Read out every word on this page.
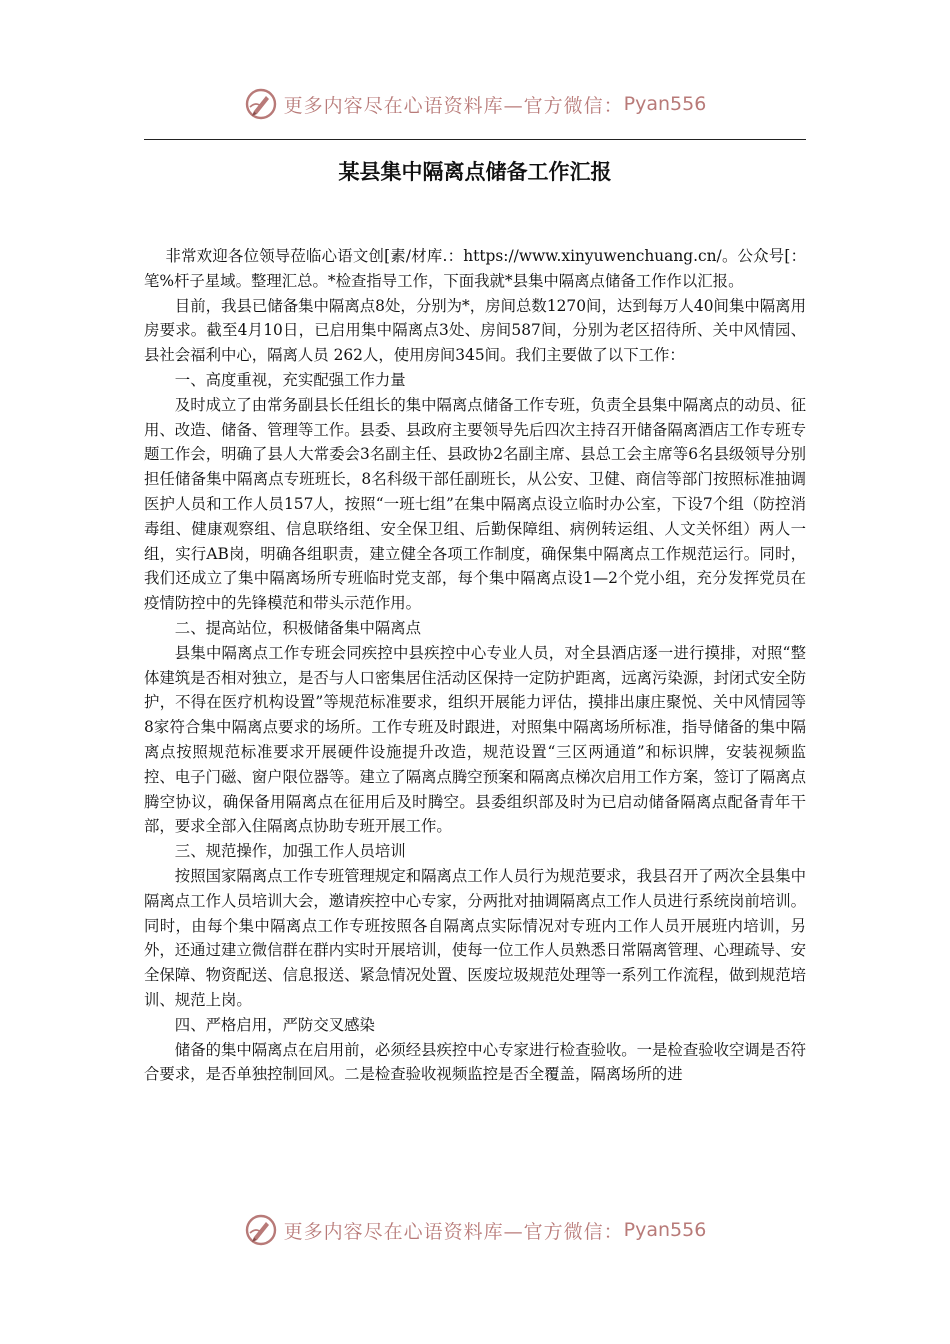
更多内容尽在心语资料库—官方微信： Pyan556
某县集中隔离点储备工作汇报

非常欢迎各位领导莅临心语文创[素/材库.：https://www.xinyuwenchuang.cn/。公众号[：笔%杆子星域。整理汇总。*检查指导工作，下面我就*县集中隔离点储备工作作以汇报。

目前，我县已储备集中隔离点8处，分别为*，房间总数1270间，达到每万人40间集中隔离用房要求。截至4月10日，已启用集中隔离点3处、房间587间，分别为老区招待所、关中风情园、县社会福利中心，隔离人员 262人，使用房间345间。我们主要做了以下工作：

一、高度重视，充实配强工作力量

及时成立了由常务副县长任组长的集中隔离点储备工作专班，负责全县集中隔离点的动员、征用、改造、储备、管理等工作。县委、县政府主要领导先后四次主持召开储备隔离酒店工作专班专题工作会，明确了县人大常委会3名副主任、县政协2名副主席、县总工会主席等6名县级领导分别担任储备集中隔离点专班班长，8名科级干部任副班长，从公安、卫健、商信等部门按照标准抽调医护人员和工作人员157人，按照“一班七组”在集中隔离点设立临时办公室，下设7个组（防控消毒组、健康观察组、信息联络组、安全保卫组、后勤保障组、病例转运组、人文关怀组）两人一组，实行AB岗，明确各组职责，建立健全各项工作制度，确保集中隔离点工作规范运行。同时，我们还成立了集中隔离场所专班临时党支部，每个集中隔离点设1—2个党小组，充分发挥党员在疫情防控中的先锋模范和带头示范作用。

二、提高站位，积极储备集中隔离点

县集中隔离点工作专班会同疾控中县疾控中心专业人员，对全县酒店逐一进行摸排，对照“整体建筑是否相对独立，是否与人口密集居住活动区保持一定防护距离，远离污染源，封闭式安全防护，不得在医疗机构设置”等规范标准要求，组织开展能力评估，摸排出康庄聚悦、关中风情园等8家符合集中隔离点要求的场所。工作专班及时跟进，对照集中隔离场所标准，指导储备的集中隔离点按照规范标准要求开展硬件设施提升改造，规范设置“三区两通道”和标识牌，安装视频监控、电子门磁、窗户限位器等。建立了隔离点腾空预案和隔离点梯次启用工作方案，签订了隔离点腾空协议，确保备用隔离点在征用后及时腾空。县委组织部及时为已启动储备隔离点配备青年干部，要求全部入住隔离点协助专班开展工作。

三、规范操作，加强工作人员培训

按照国家隔离点工作专班管理规定和隔离点工作人员行为规范要求，我县召开了两次全县集中隔离点工作人员培训大会，邀请疾控中心专家，分两批对抽调隔离点工作人员进行系统岗前培训。同时，由每个集中隔离点工作专班按照各自隔离点实际情况对专班内工作人员开展班内培训，另外，还通过建立微信群在群内实时开展培训，使每一位工作人员熟悉日常隔离管理、心理疏导、安全保障、物资配送、信息报送、紧急情况处置、医废垃圾规范处理等一系列工作流程，做到规范培训、规范上岗。

四、严格启用，严防交叉感染

储备的集中隔离点在启用前，必须经县疾控中心专家进行检查验收。一是检查验收空调是否符合要求，是否单独控制回风。二是检查验收视频监控是否全覆盖，隔离场所的进

更多内容尽在心语资料库—官方微信： Pyan556
